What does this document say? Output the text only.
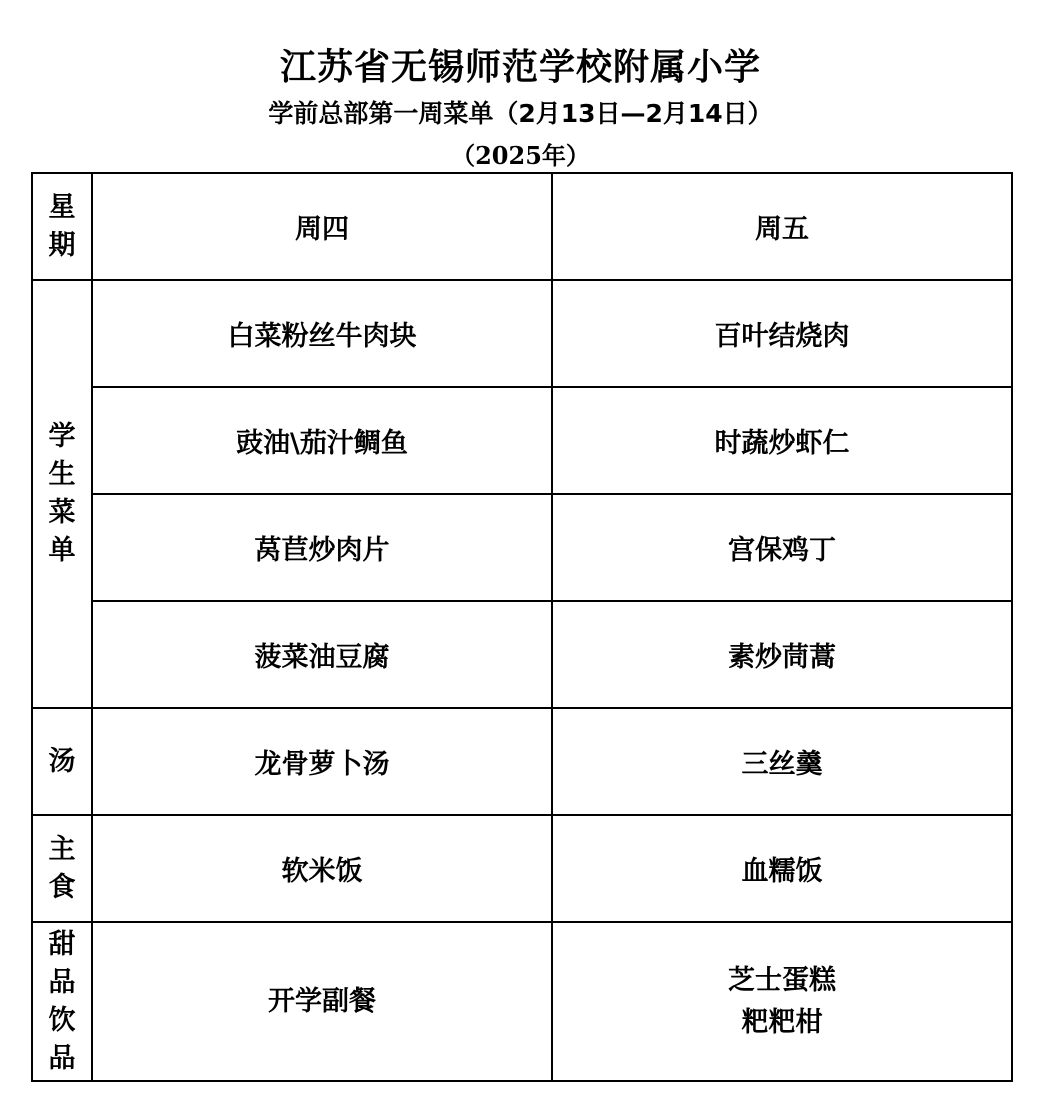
江苏省无锡师范学校附属小学
学前总部第一周菜单（2月13日—2月14日）
（2025年）
星期	周四	周五
学生菜单	白菜粉丝牛肉块	百叶结烧肉
	豉油\茄汁鲷鱼	时蔬炒虾仁
	莴苣炒肉片	宫保鸡丁
	菠菜油豆腐	素炒茼蒿
汤	龙骨萝卜汤	三丝羹
主食	软米饭	血糯饭
甜品饮品	开学副餐	芝士蛋糕
粑粑柑
